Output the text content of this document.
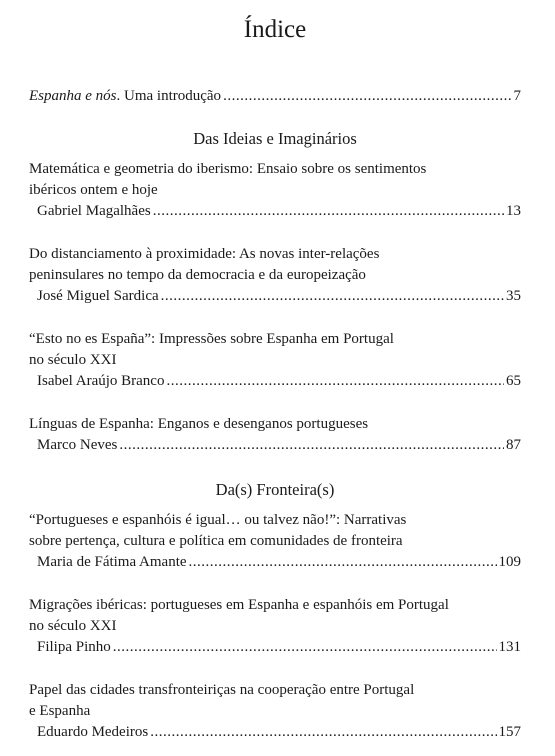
Índice
Espanha e nós. Uma introdução .....	7
Das Ideias e Imaginários
Matemática e geometria do iberismo: Ensaio sobre os sentimentos
ibéricos ontem e hoje
Gabriel Magalhães .....	13
Do distanciamento à proximidade: As novas inter-relações
peninsulares no tempo da democracia e da europeização
José Miguel Sardica .....	35
“Esto no es España”: Impressões sobre Espanha em Portugal
no século XXI
Isabel Araújo Branco .....	65
Línguas de Espanha: Enganos e desenganos portugueses
Marco Neves .....	87
Da(s) Fronteira(s)
“Portugueses e espanhóis é igual… ou talvez não!”: Narrativas
sobre pertença, cultura e política em comunidades de fronteira
Maria de Fátima Amante .....	109
Migrações ibéricas: portugueses em Espanha e espanhóis em Portugal
no século XXI
Filipa Pinho .....	131
Papel das cidades transfronteiriças na cooperação entre Portugal
e Espanha
Eduardo Medeiros .....	157
